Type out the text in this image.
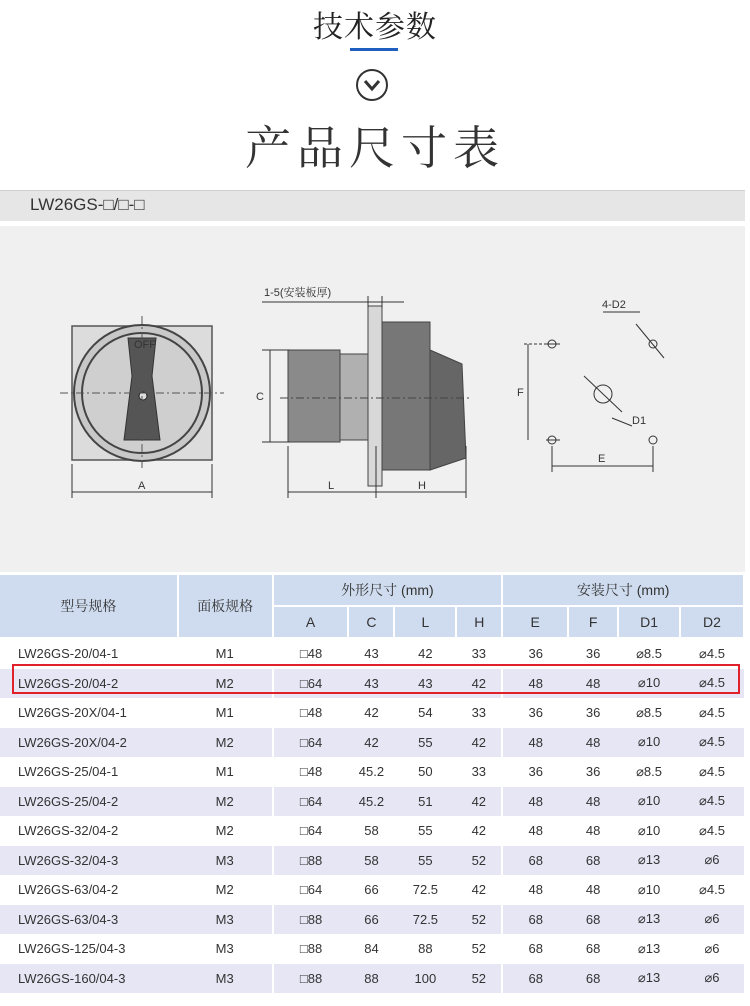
技术参数
产品尺寸表
LW26GS-□/□-□
OFF
A
C
L	H
1-5(安装板厚)
F
E
4-D2
D1
型号规格	面板规格	外形尺寸 (mm)				安装尺寸 (mm)			
		A	C	L	H	E	F	D1	D2
LW26GS-20/04-1	M1	□48	43	42	33	36	36	⌀8.5	⌀4.5
LW26GS-20/04-2	M2	□64	43	43	42	48	48	⌀10	⌀4.5
LW26GS-20X/04-1	M1	□48	42	54	33	36	36	⌀8.5	⌀4.5
LW26GS-20X/04-2	M2	□64	42	55	42	48	48	⌀10	⌀4.5
LW26GS-25/04-1	M1	□48	45.2	50	33	36	36	⌀8.5	⌀4.5
LW26GS-25/04-2	M2	□64	45.2	51	42	48	48	⌀10	⌀4.5
LW26GS-32/04-2	M2	□64	58	55	42	48	48	⌀10	⌀4.5
LW26GS-32/04-3	M3	□88	58	55	52	68	68	⌀13	⌀6
LW26GS-63/04-2	M2	□64	66	72.5	42	48	48	⌀10	⌀4.5
LW26GS-63/04-3	M3	□88	66	72.5	52	68	68	⌀13	⌀6
LW26GS-125/04-3	M3	□88	84	88	52	68	68	⌀13	⌀6
LW26GS-160/04-3	M3	□88	88	100	52	68	68	⌀13	⌀6
